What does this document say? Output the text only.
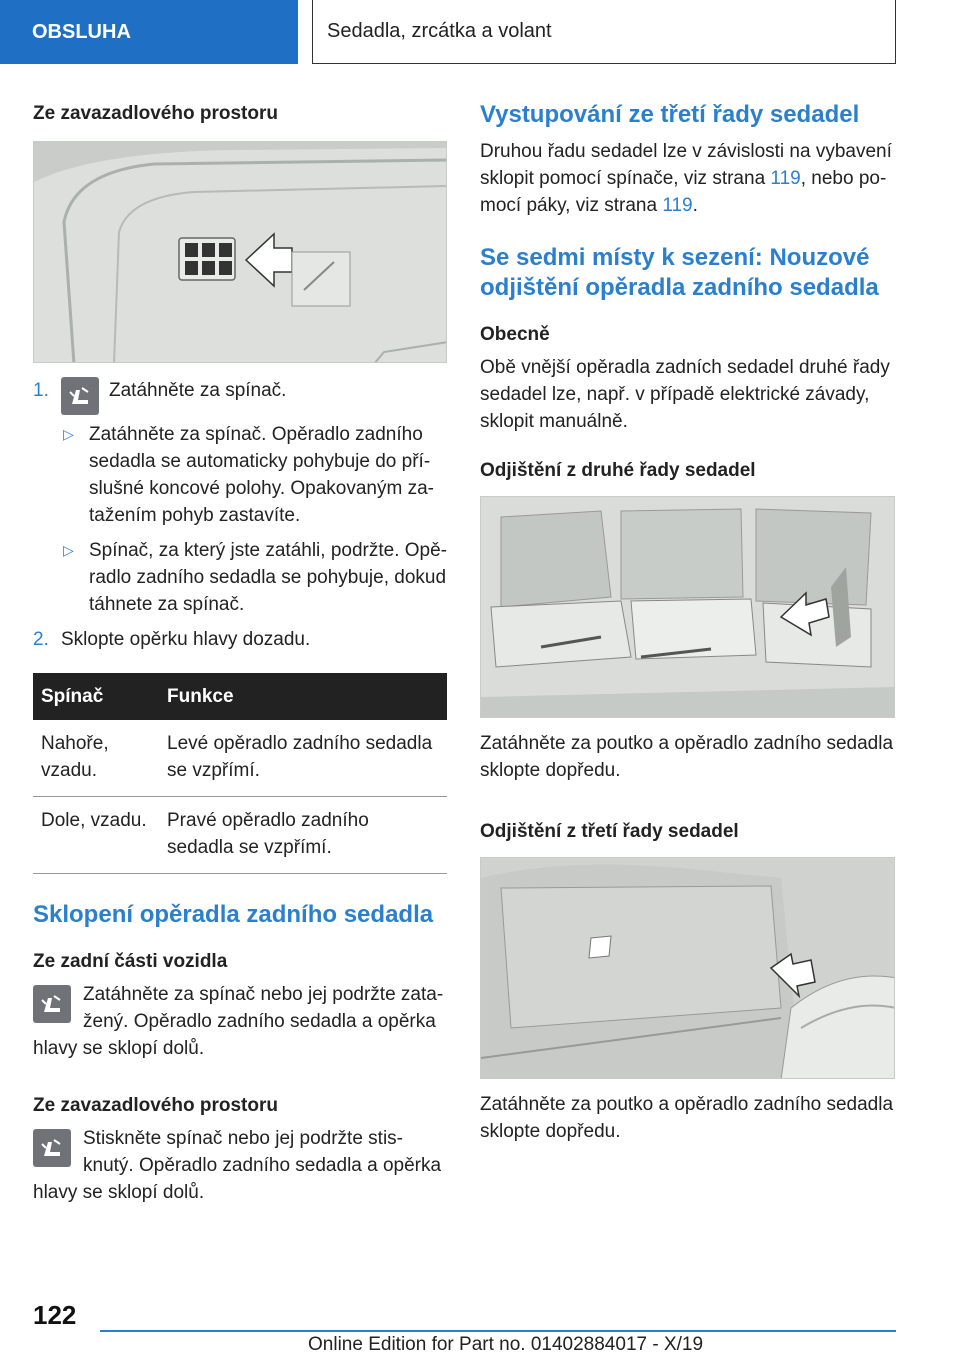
OBSLUHA	Sedadla, zrcátka a volant
Ze zavazadlového prostoru
1.	Zatáhněte za spínač.
▷ Zatáhněte za spínač. Opěradlo zadního sedadla se automaticky pohybuje do pří-slušné koncové polohy. Opakovaným za-tažením pohyb zastavíte.
▷ Spínač, za který jste zatáhli, podržte. Opě-radlo zadního sedadla se pohybuje, dokud táhnete za spínač.
2. Sklopte opěrku hlavy dozadu.
Spínač	Funkce
Nahoře, vzadu.	Levé opěradlo zadního sedadla se vzpřímí.
Dole, vzadu.	Pravé opěradlo zadního sedadla se vzpřímí.
Sklopení opěradla zadního sedadla
Ze zadní části vozidla
Zatáhněte za spínač nebo jej podržte zata-žený. Opěradlo zadního sedadla a opěrka hlavy se sklopí dolů.
Ze zavazadlového prostoru
Stiskněte spínač nebo jej podržte stis-knutý. Opěradlo zadního sedadla a opěrka hlavy se sklopí dolů.
Vystupování ze třetí řady sedadel
Druhou řadu sedadel lze v závislosti na vybavení sklopit pomocí spínače, viz strana 119, nebo po-mocí páky, viz strana 119.
Se sedmi místy k sezení: Nouzové odjištění opěradla zadního sedadla
Obecně
Obě vnější opěradla zadních sedadel druhé řady sedadel lze, např. v případě elektrické závady, sklopit manuálně.
Odjištění z druhé řady sedadel
Zatáhněte za poutko a opěradlo zadního sedadla sklopte dopředu.
Odjištění z třetí řady sedadel
Zatáhněte za poutko a opěradlo zadního sedadla sklopte dopředu.
122
Online Edition for Part no. 01402884017 - X/19
